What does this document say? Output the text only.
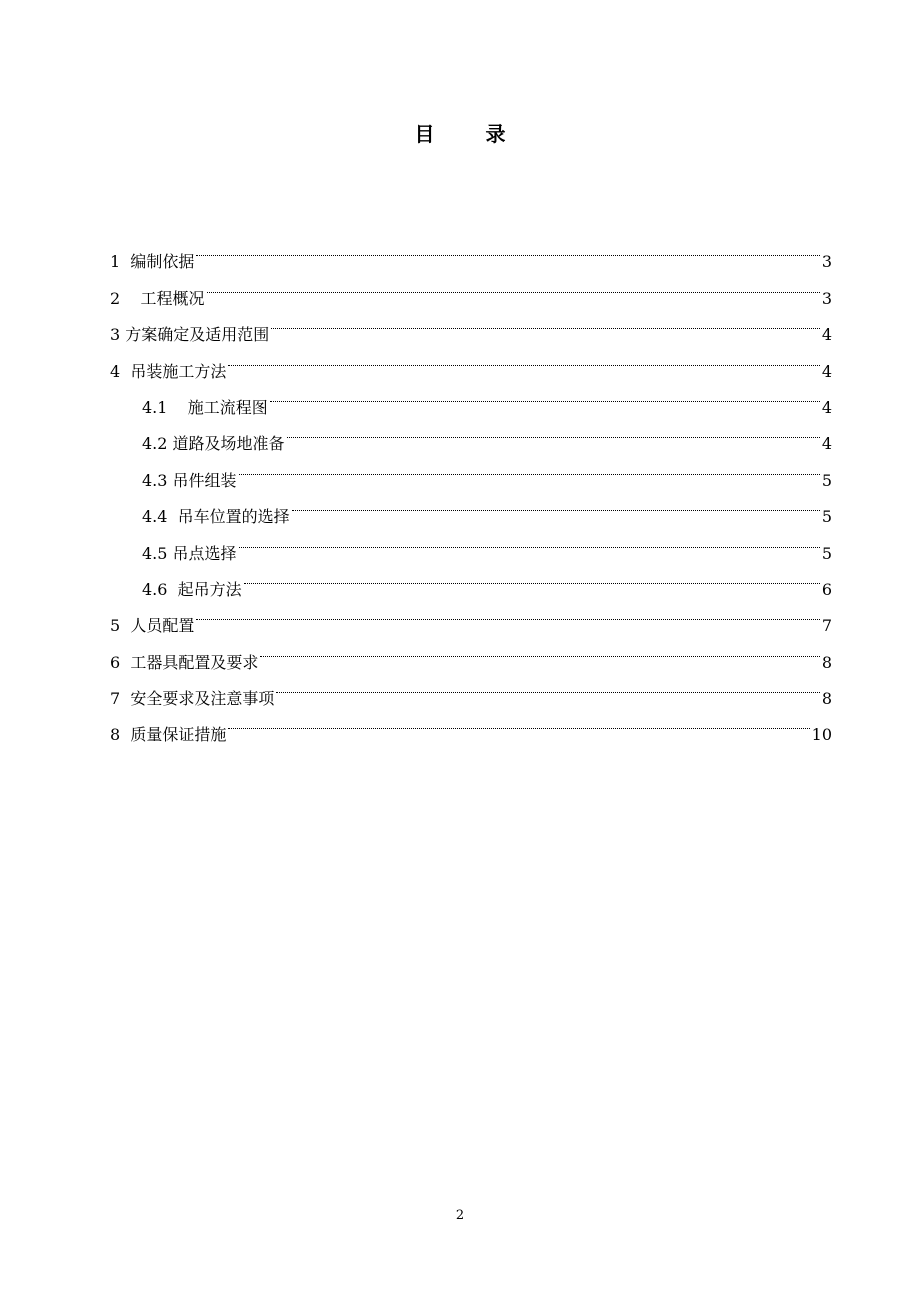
目 录
1  编制依据	3
2    工程概况	3
3 方案确定及适用范围	4
4  吊装施工方法	4
4.1    施工流程图	4
4.2 道路及场地准备	4
4.3 吊件组装	5
4.4  吊车位置的选择	5
4.5 吊点选择	5
4.6  起吊方法	6
5  人员配置	7
6  工器具配置及要求	8
7  安全要求及注意事项	8
8  质量保证措施	10
2
